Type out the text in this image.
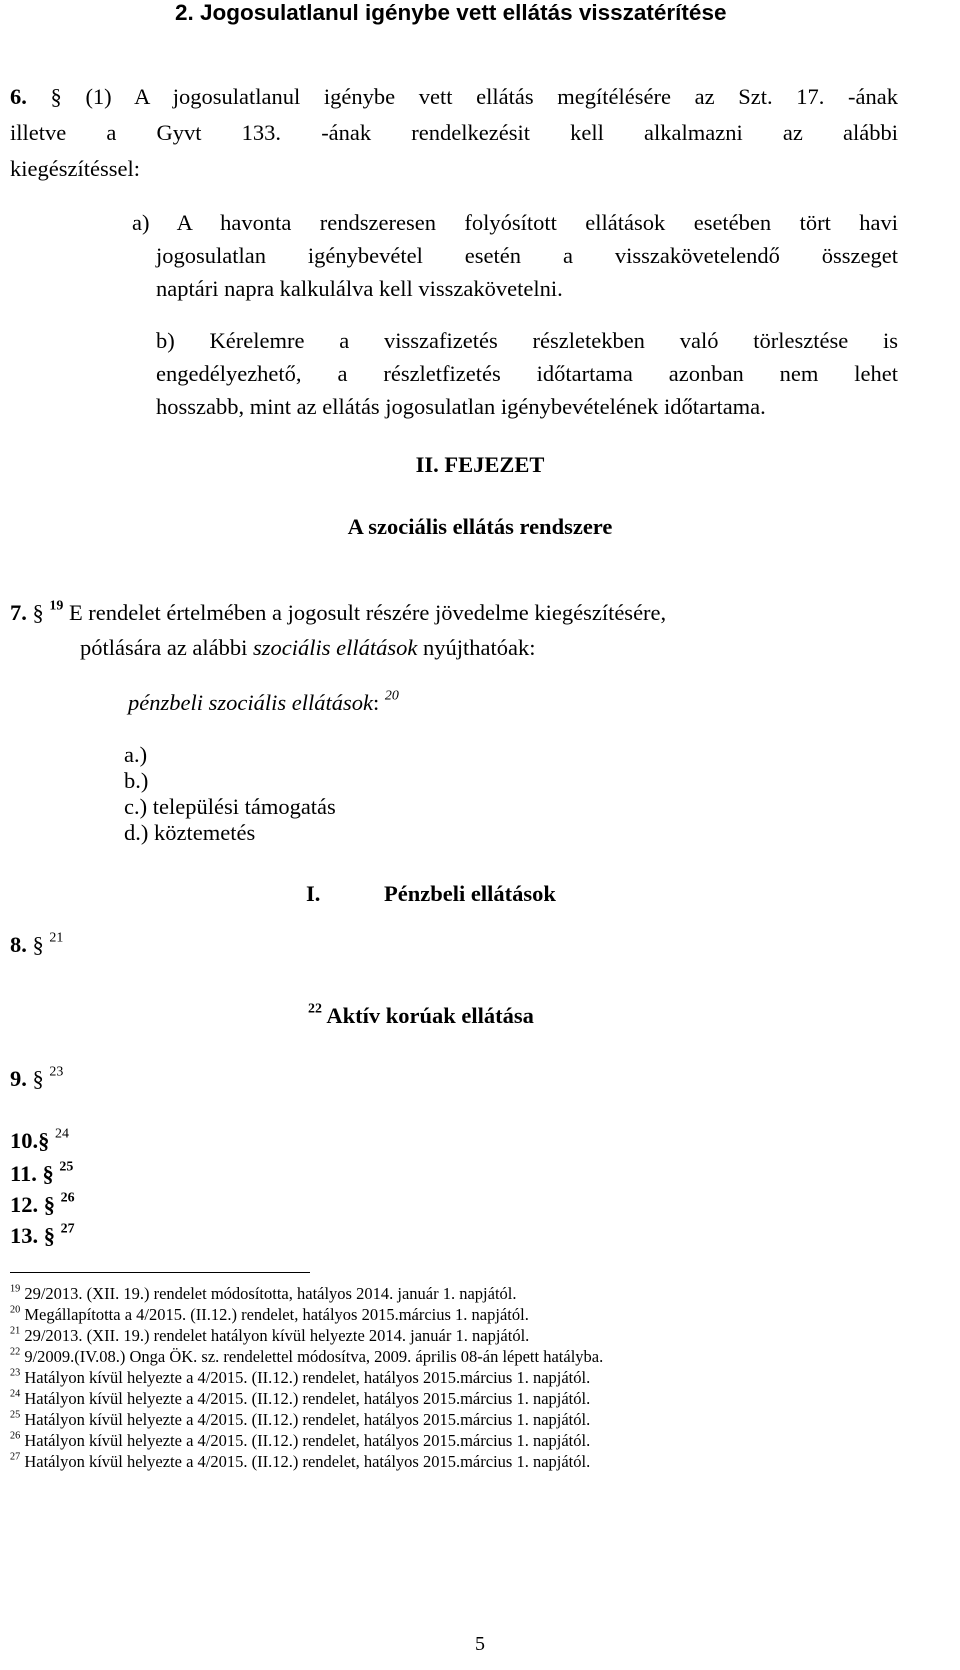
2. Jogosulatlanul igénybe vett ellátás visszatérítése
6. § (1) A jogosulatlanul igénybe vett ellátás megítélésére az Szt. 17. -ának
illetve a Gyvt 133. -ának rendelkezésit kell alkalmazni az alábbi
kiegészítéssel:
a) A havonta rendszeresen folyósított ellátások esetében tört havi
jogosulatlan igénybevétel esetén a visszakövetelendő összeget
naptári napra kalkulálva kell visszakövetelni.
b) Kérelemre a visszafizetés részletekben való törlesztése is
engedélyezhető, a részletfizetés időtartama azonban nem lehet
hosszabb, mint az ellátás jogosulatlan igénybevételének időtartama.
II. FEJEZET
A szociális ellátás rendszere
7. § $^{19}$ E rendelet értelmében a jogosult részére jövedelme kiegészítésére,
pótlására az alábbi szociális ellátások nyújthatóak:
pénzbeli szociális ellátások: $^{20}$
a.)
b.)
c.) települési támogatás
d.) köztemetés
I.	Pénzbeli ellátások
8. § $^{21}$
$^{22}$ Aktív korúak ellátása
9. § $^{23}$
10.§ $^{24}$
11. § $^{25}$
12. § $^{26}$
13. § $^{27}$
$^{19}$ 29/2013. (XII. 19.) rendelet módosította, hatályos 2014. január 1. napjától.
$^{20}$ Megállapította a 4/2015. (II.12.) rendelet, hatályos 2015.március 1. napjától.
$^{21}$ 29/2013. (XII. 19.) rendelet hatályon kívül helyezte 2014. január 1. napjától.
$^{22}$ 9/2009.(IV.08.) Onga ÖK. sz. rendelettel módosítva, 2009. április 08-án lépett hatályba.
$^{23}$ Hatályon kívül helyezte a 4/2015. (II.12.) rendelet, hatályos 2015.március 1. napjától.
$^{24}$ Hatályon kívül helyezte a 4/2015. (II.12.) rendelet, hatályos 2015.március 1. napjától.
$^{25}$ Hatályon kívül helyezte a 4/2015. (II.12.) rendelet, hatályos 2015.március 1. napjától.
$^{26}$ Hatályon kívül helyezte a 4/2015. (II.12.) rendelet, hatályos 2015.március 1. napjától.
$^{27}$ Hatályon kívül helyezte a 4/2015. (II.12.) rendelet, hatályos 2015.március 1. napjától.
5
